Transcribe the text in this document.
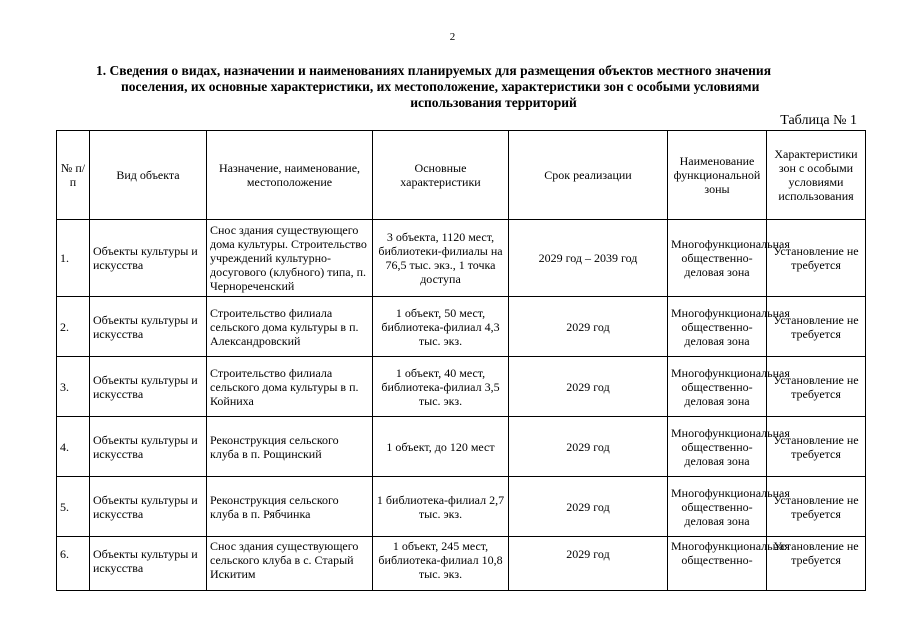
2
1. Сведения о видах, назначении и наименованиях планируемых для размещения объектов местного значения
поселения, их основные характеристики, их местоположение, характеристики зон с особыми условиями
использования территорий
Таблица № 1
№ п/п	Вид объекта	Назначение, наименование, местоположение	Основные характеристики	Срок реализации	Наименование функциональной зоны	Характеристики зон с особыми условиями использования
1.	Объекты культуры и искусства	Снос здания существующего дома культуры. Строительство учреждений культурно-досугового (клубного) типа, п. Чернореченский	3 объекта, 1120 мест, библиотеки-филиалы на 76,5 тыс. экз., 1 точка доступа	2029 год – 2039 год	Многофункциональная общественно-деловая зона	Установление не требуется
2.	Объекты культуры и искусства	Строительство филиала сельского дома культуры в п. Александровский	1 объект, 50 мест, библиотека-филиал 4,3 тыс. экз.	2029 год	Многофункциональная общественно-деловая зона	Установление не требуется
3.	Объекты культуры и искусства	Строительство филиала сельского дома культуры в п. Койниха	1 объект, 40 мест, библиотека-филиал 3,5 тыс. экз.	2029 год	Многофункциональная общественно-деловая зона	Установление не требуется
4.	Объекты культуры и искусства	Реконструкция сельского клуба в п. Рощинский	1 объект, до 120 мест	2029 год	Многофункциональная общественно-деловая зона	Установление не требуется
5.	Объекты культуры и искусства	Реконструкция сельского клуба в п. Рябчинка	1 библиотека-филиал 2,7 тыс. экз.	2029 год	Многофункциональная общественно-деловая зона	Установление не требуется
6.	Объекты культуры и искусства	Снос здания существующего сельского клуба в с. Старый Искитим	1 объект, 245 мест, библиотека-филиал 10,8 тыс. экз.	2029 год	Многофункциональная общественно-	Установление не требуется
